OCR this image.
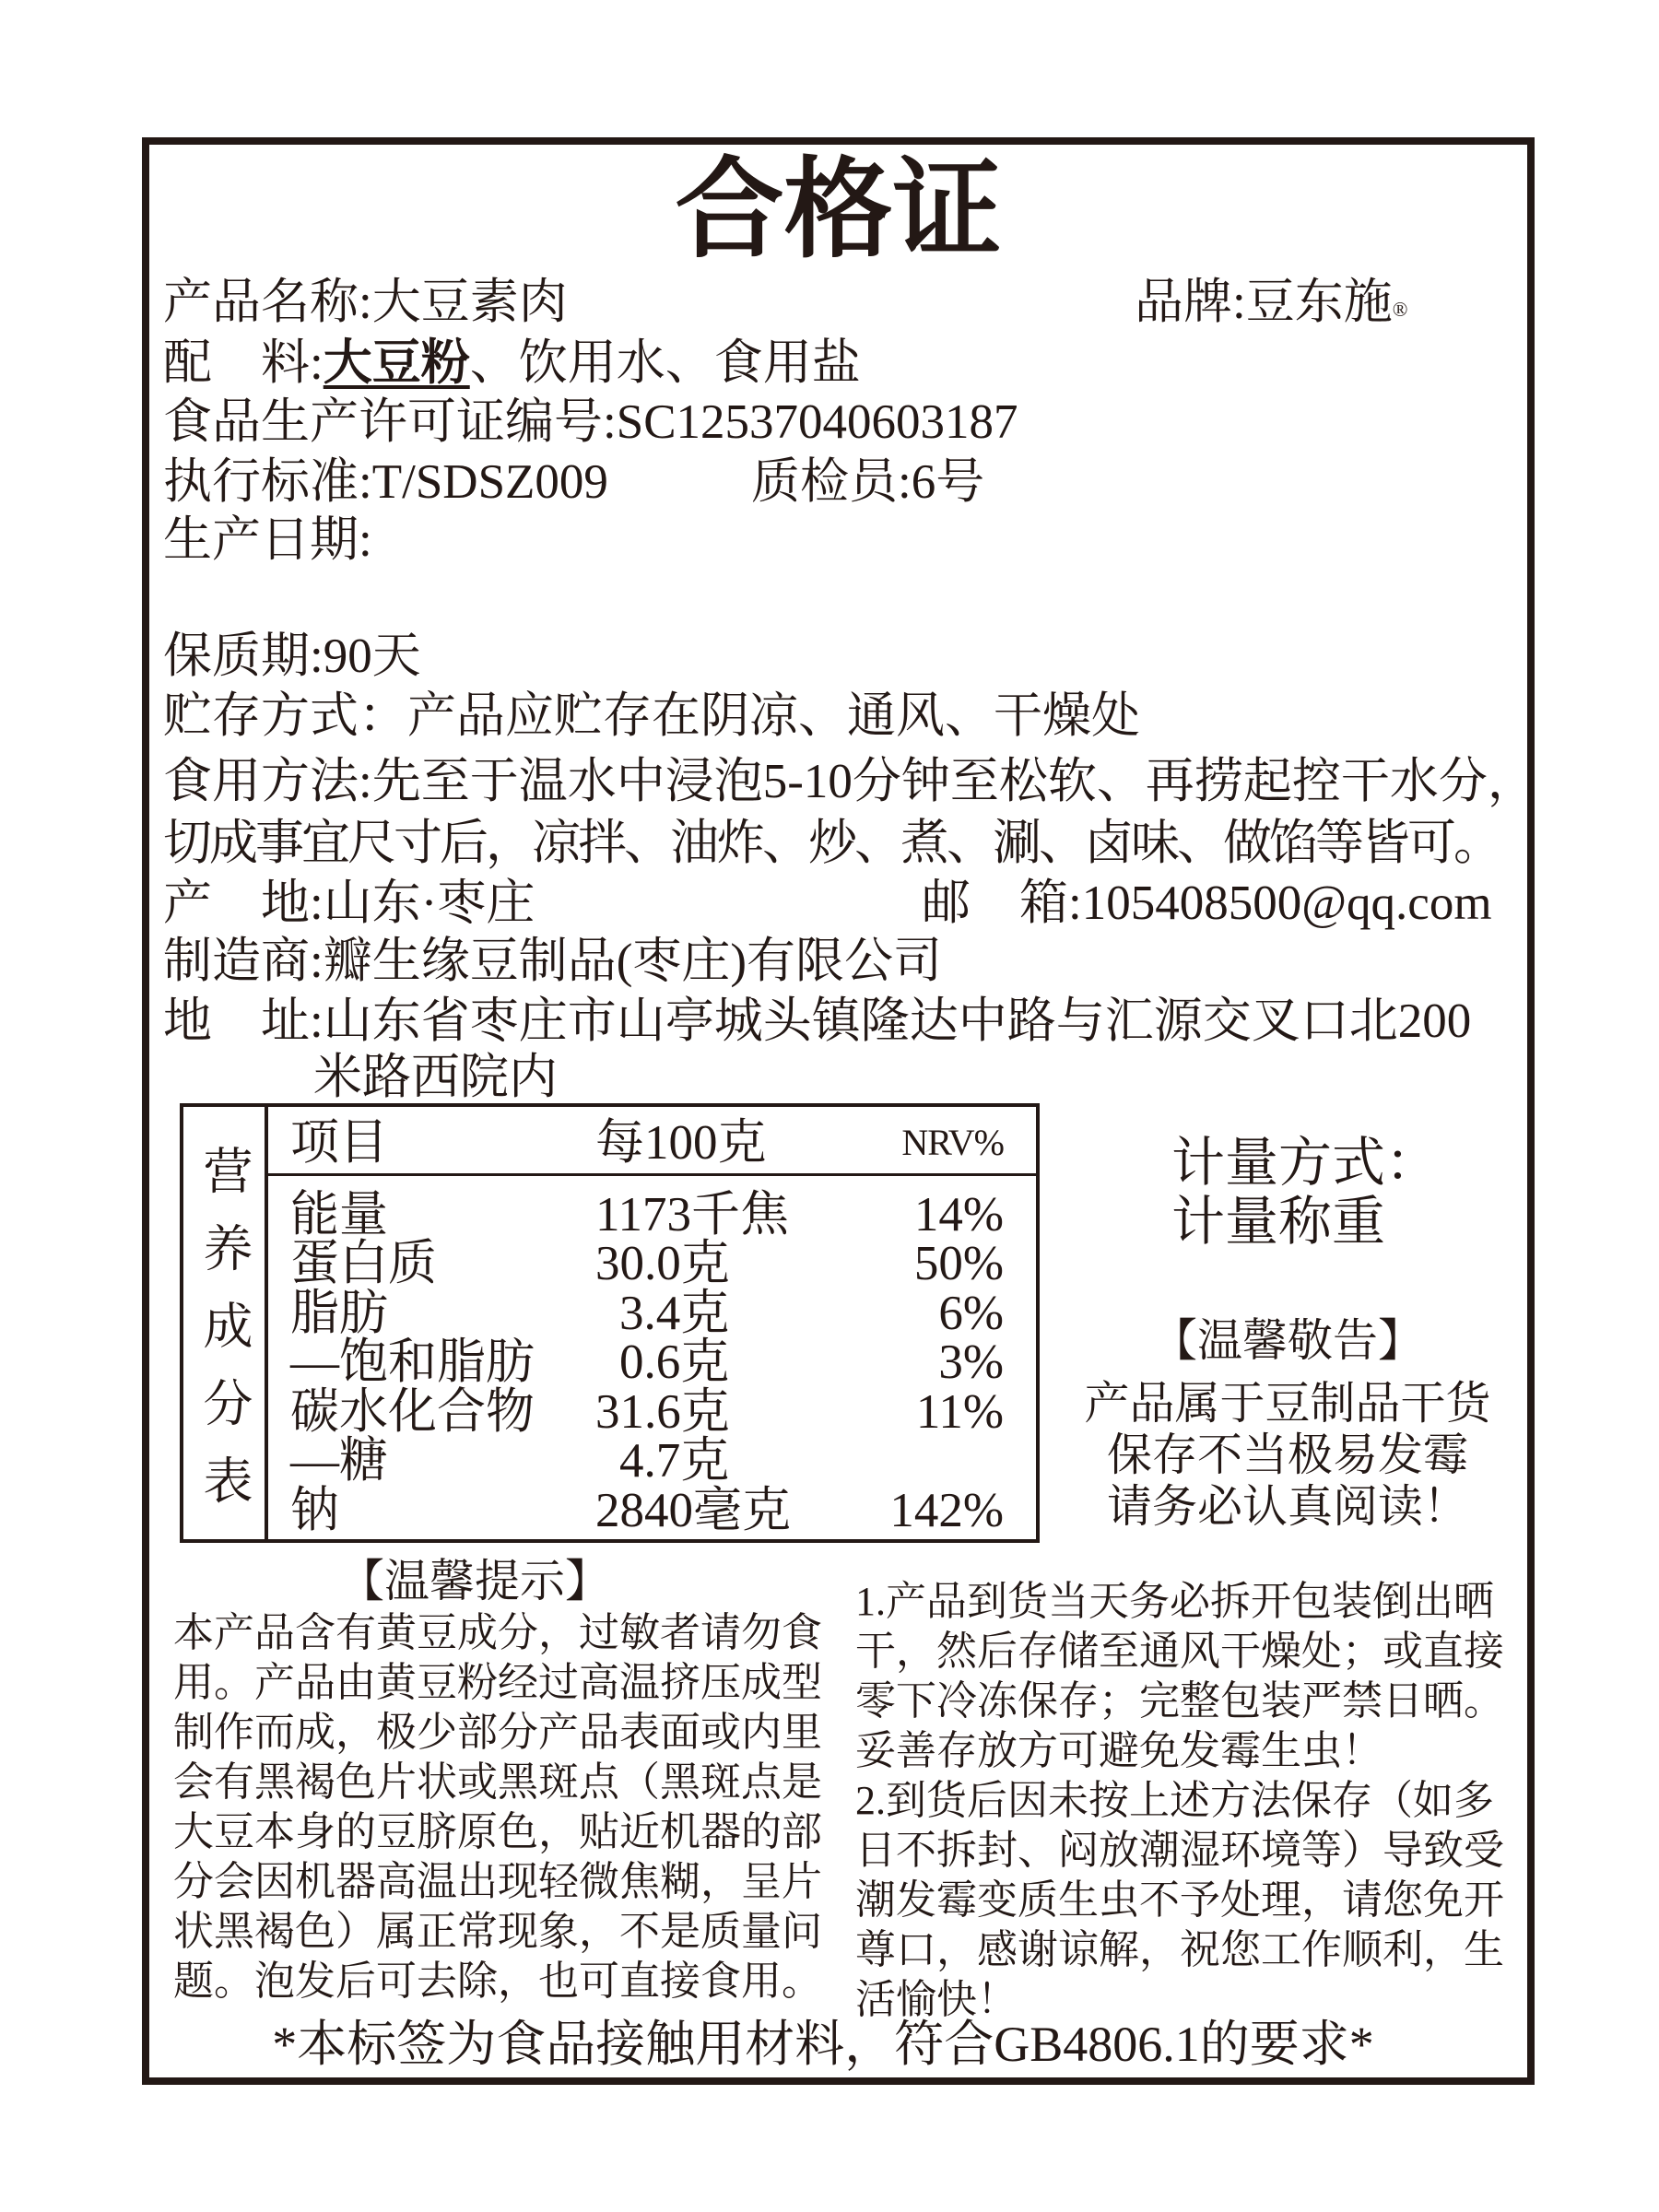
合格证
产品名称:大豆素肉	品牌:豆东施®
配　料:大豆粉、饮用水、食用盐
食品生产许可证编号:SC12537040603187
执行标准:T/SDSZ009	质检员:6号
生产日期:
保质期:90天
贮存方式：产品应贮存在阴凉、通风、干燥处
食用方法:先至于温水中浸泡5-10分钟至松软、再捞起控干水分，
切成事宜尺寸后，凉拌、油炸、炒、煮、涮、卤味、做馅等皆可。
产　地:山东·枣庄	邮　箱:105408500@qq.com
制造商:瓣生缘豆制品(枣庄)有限公司
地　址:山东省枣庄市山亭城头镇隆达中路与汇源交叉口北200
米路西院内
营养成分表
项目	每100克	NRV%
能量	1173千焦	14%
蛋白质	30.0克	50%
脂肪	3.4克	6%
—饱和脂肪 0.6克	3%
碳水化合物 31.6克	11%
—糖	4.7克
钠	2840毫克 142%
计量方式：
计量称重
【温馨敬告】
产品属于豆制品干货
保存不当极易发霉
请务必认真阅读！
【温馨提示】
本产品含有黄豆成分，过敏者请勿食
用。产品由黄豆粉经过高温挤压成型
制作而成，极少部分产品表面或内里
会有黑褐色片状或黑斑点（黑斑点是
大豆本身的豆脐原色，贴近机器的部
分会因机器高温出现轻微焦糊，呈片
状黑褐色）属正常现象，不是质量问
题。泡发后可去除，也可直接食用。
1.产品到货当天务必拆开包装倒出晒
干，然后存储至通风干燥处；或直接
零下冷冻保存；完整包装严禁日晒。
妥善存放方可避免发霉生虫！
2.到货后因未按上述方法保存（如多
日不拆封、闷放潮湿环境等）导致受
潮发霉变质生虫不予处理，请您免开
尊口，感谢谅解，祝您工作顺利，生
活愉快！
*本标签为食品接触用材料，符合GB4806.1的要求*
